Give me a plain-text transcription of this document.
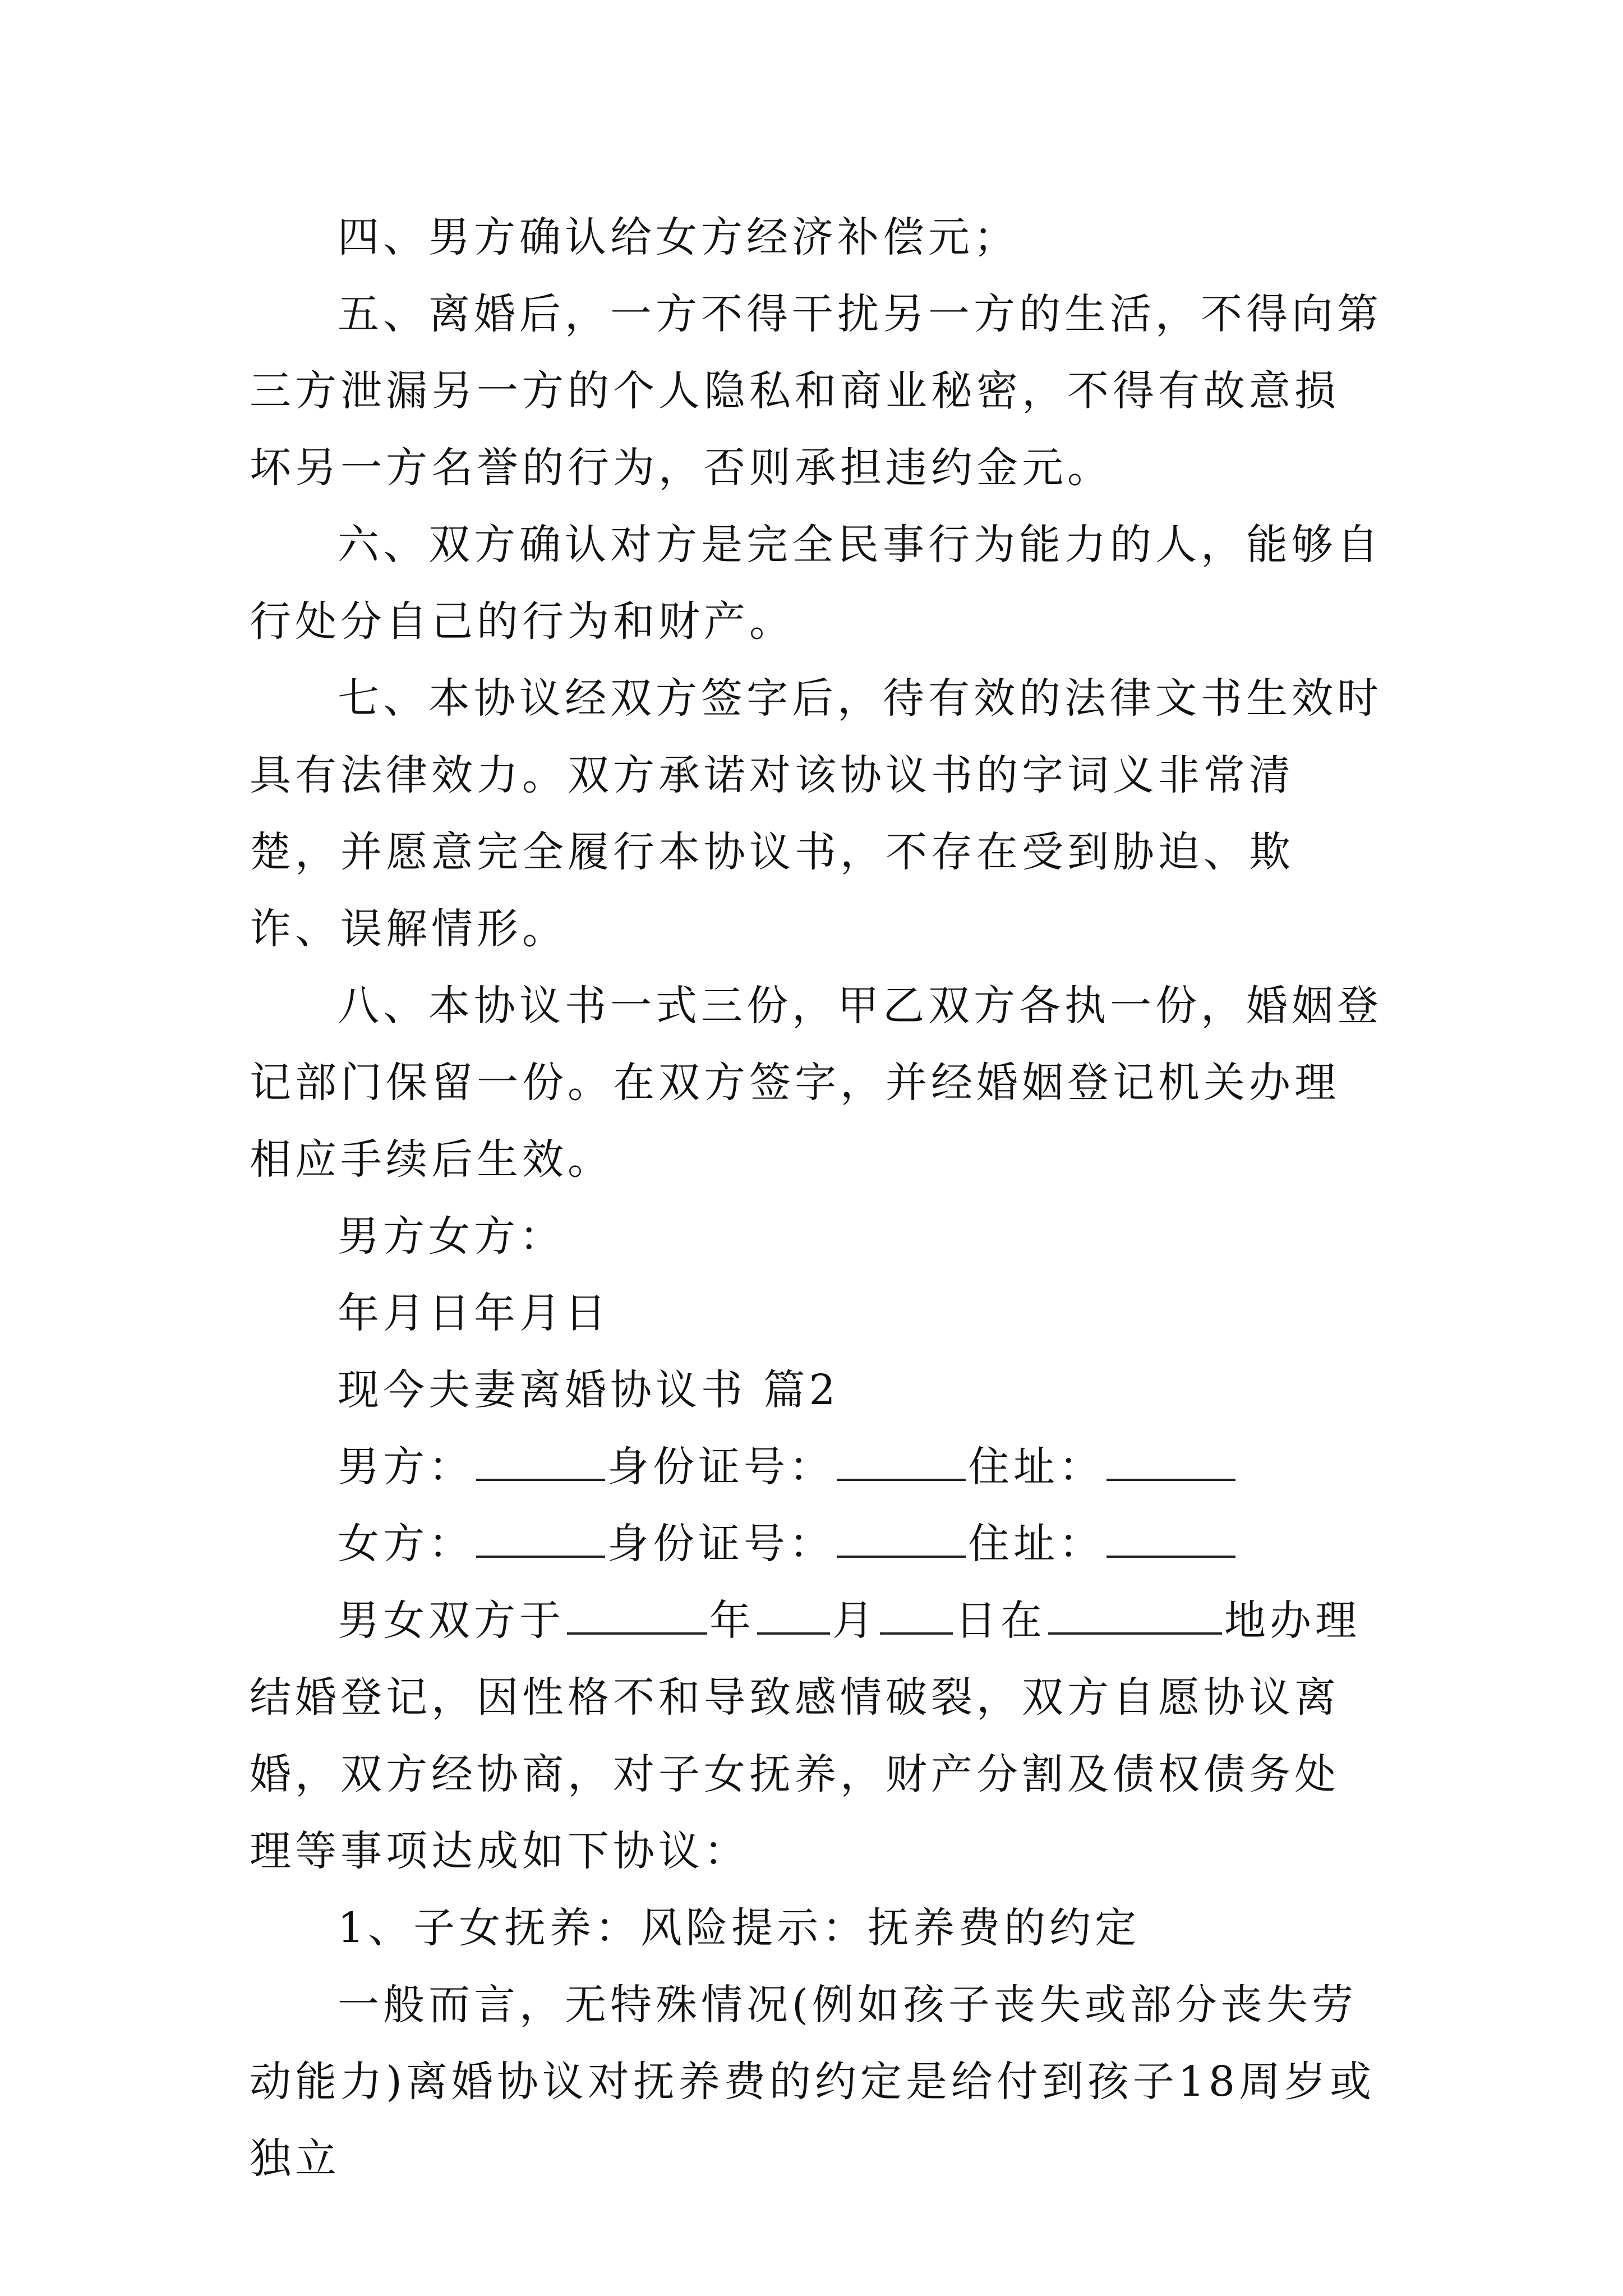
四、男方确认给女方经济补偿元；

五、离婚后，一方不得干扰另一方的生活，不得向第三方泄漏另一方的个人隐私和商业秘密，不得有故意损坏另一方名誉的行为，否则承担违约金元。

六、双方确认对方是完全民事行为能力的人，能够自行处分自己的行为和财产。

七、本协议经双方签字后，待有效的法律文书生效时具有法律效力。双方承诺对该协议书的字词义非常清楚，并愿意完全履行本协议书，不存在受到胁迫、欺诈、误解情形。

八、本协议书一式三份，甲乙双方各执一份，婚姻登记部门保留一份。在双方签字，并经婚姻登记机关办理相应手续后生效。

男方女方：

年月日年月日

现今夫妻离婚协议书 篇2

男方：	身份证号：	住址：

女方：	身份证号：	住址：

男女双方于	年 月 日在	地办理

结婚登记，因性格不和导致感情破裂，双方自愿协议离婚，双方经协商，对子女抚养，财产分割及债权债务处理等事项达成如下协议：

1、子女抚养：风险提示：抚养费的约定

一般而言，无特殊情况(例如孩子丧失或部分丧失劳动能力)离婚协议对抚养费的约定是给付到孩子18周岁或独立
